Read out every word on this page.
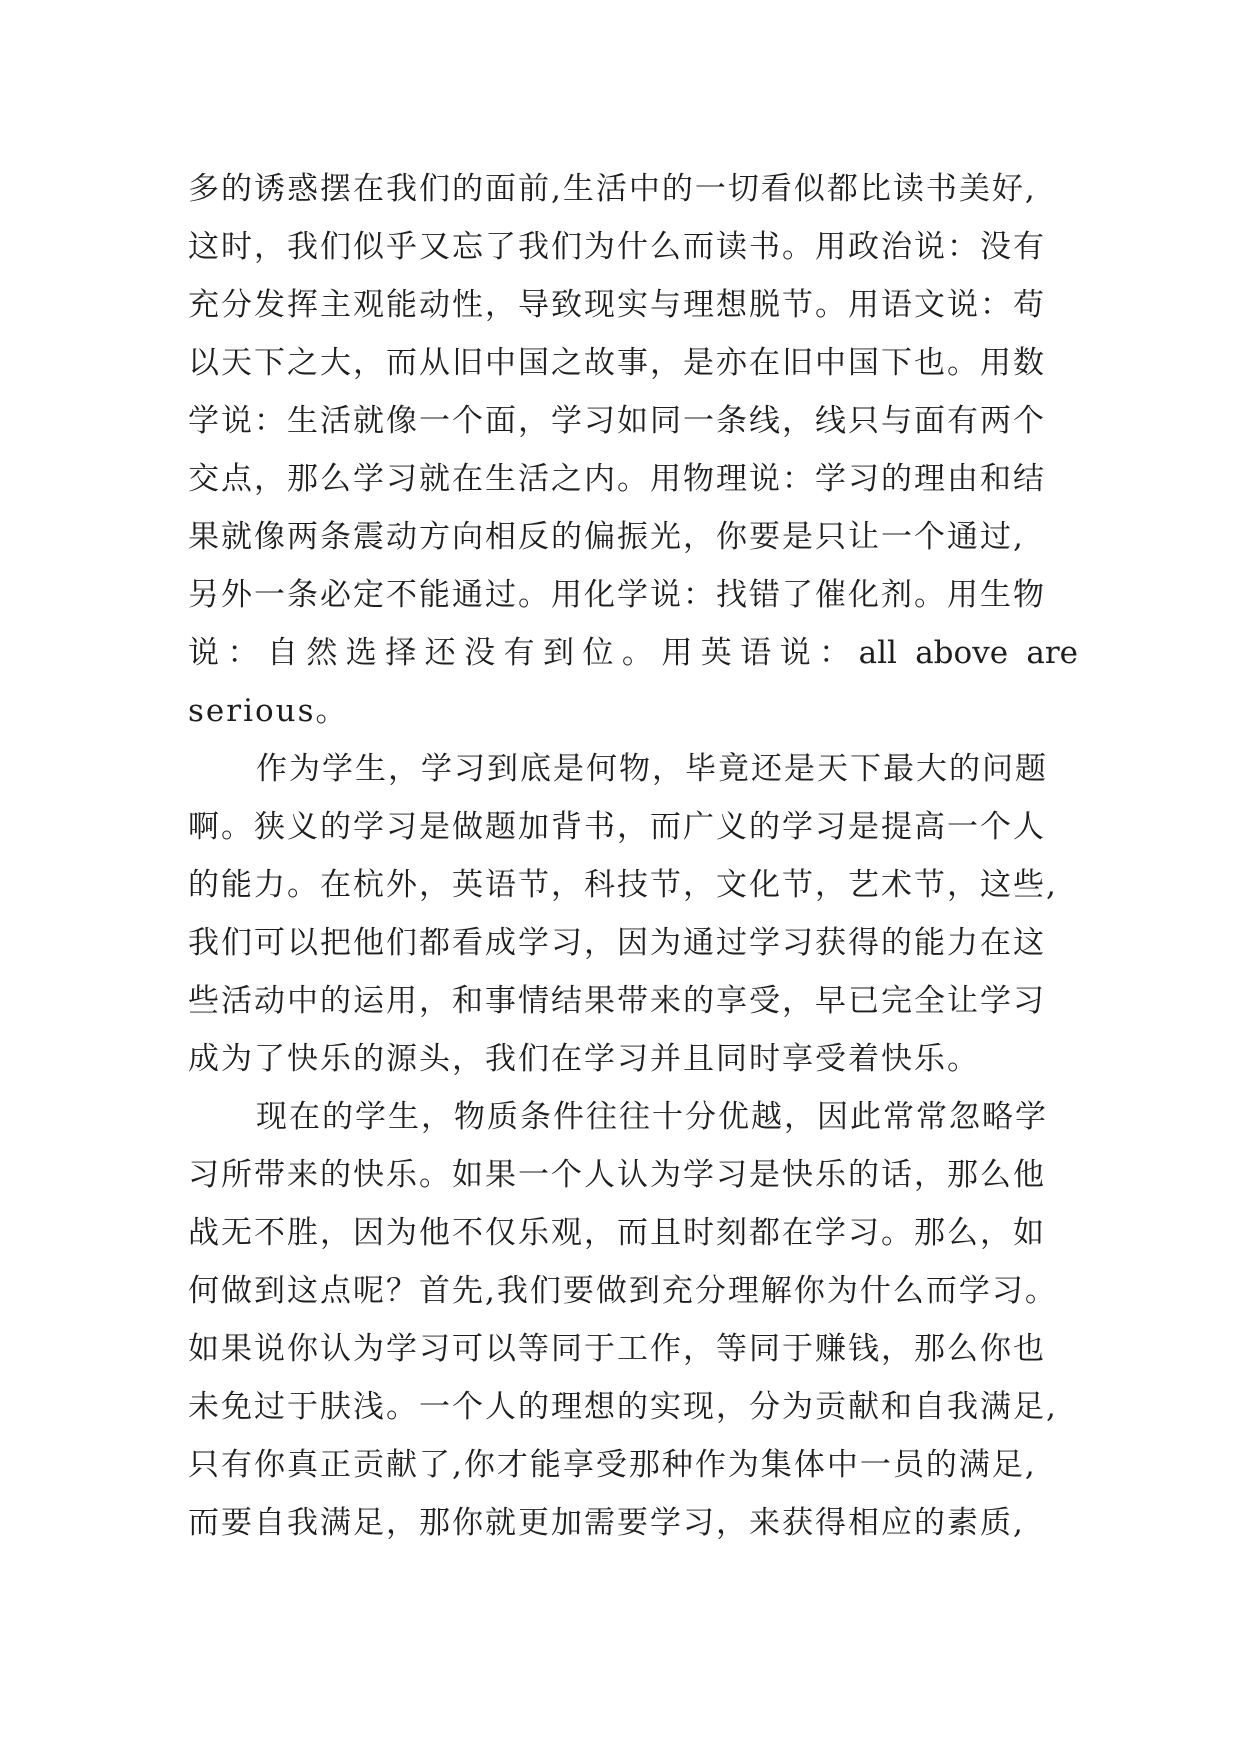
多的诱惑摆在我们的面前,生活中的一切看似都比读书美好,
这时，我们似乎又忘了我们为什么而读书。用政治说：没有
充分发挥主观能动性，导致现实与理想脱节。用语文说：苟
以天下之大，而从旧中国之故事，是亦在旧中国下也。用数
学说：生活就像一个面，学习如同一条线，线只与面有两个
交点，那么学习就在生活之内。用物理说：学习的理由和结
果就像两条震动方向相反的偏振光，你要是只让一个通过,
另外一条必定不能通过。用化学说：找错了催化剂。用生物
说：自然选择还没有到位。用英语说：all above are
serious。
作为学生，学习到底是何物，毕竟还是天下最大的问题
啊。狭义的学习是做题加背书，而广义的学习是提高一个人
的能力。在杭外，英语节，科技节，文化节，艺术节，这些,
我们可以把他们都看成学习，因为通过学习获得的能力在这
些活动中的运用，和事情结果带来的享受，早已完全让学习
成为了快乐的源头，我们在学习并且同时享受着快乐。
现在的学生，物质条件往往十分优越，因此常常忽略学
习所带来的快乐。如果一个人认为学习是快乐的话，那么他
战无不胜，因为他不仅乐观，而且时刻都在学习。那么，如
何做到这点呢？首先,我们要做到充分理解你为什么而学习。
如果说你认为学习可以等同于工作，等同于赚钱，那么你也
未免过于肤浅。一个人的理想的实现，分为贡献和自我满足,
只有你真正贡献了,你才能享受那种作为集体中一员的满足,
而要自我满足，那你就更加需要学习，来获得相应的素质,
